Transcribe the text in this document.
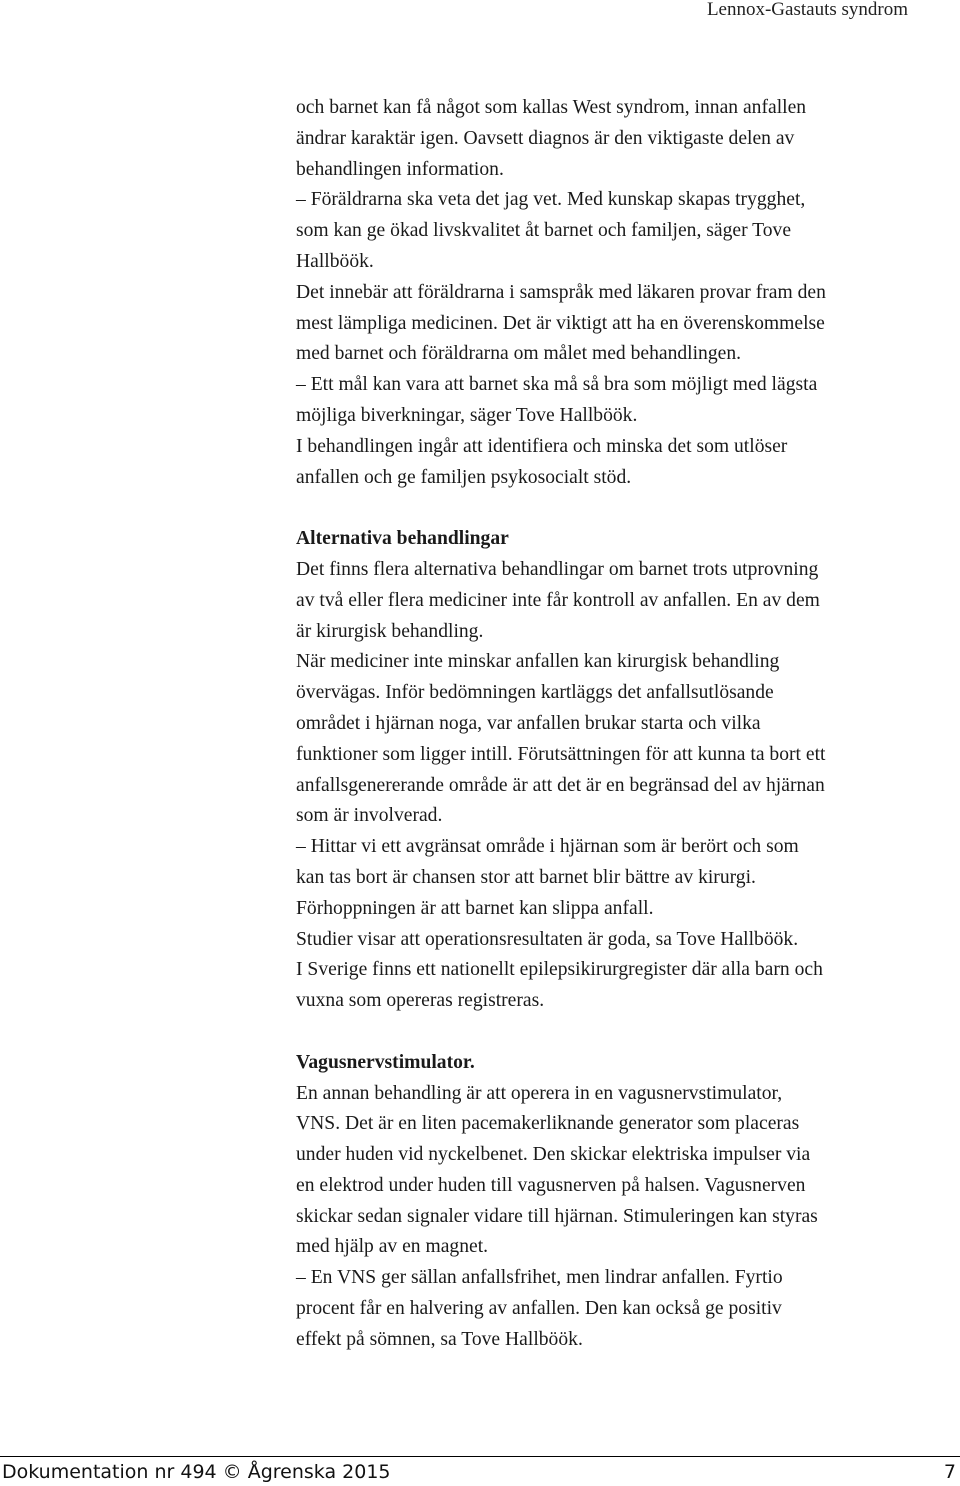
Lennox-Gastauts syndrom

och barnet kan få något som kallas West syndrom, innan anfallen

ändrar karaktär igen. Oavsett diagnos är den viktigaste delen av

behandlingen information.

– Föräldrarna ska veta det jag vet. Med kunskap skapas trygghet,

som kan ge ökad livskvalitet åt barnet och familjen, säger Tove

Hallböök.

Det innebär att föräldrarna i samspråk med läkaren provar fram den

mest lämpliga medicinen. Det är viktigt att ha en överenskommelse

med barnet och föräldrarna om målet med behandlingen.

– Ett mål kan vara att barnet ska må så bra som möjligt med lägsta

möjliga biverkningar, säger Tove Hallböök.

I behandlingen ingår att identifiera och minska det som utlöser

anfallen och ge familjen psykosocialt stöd.

Alternativa behandlingar

Det finns flera alternativa behandlingar om barnet trots utprovning

av två eller flera mediciner inte får kontroll av anfallen. En av dem

är kirurgisk behandling.

När mediciner inte minskar anfallen kan kirurgisk behandling

övervägas. Inför bedömningen kartläggs det anfallsutlösande

området i hjärnan noga, var anfallen brukar starta och vilka

funktioner som ligger intill. Förutsättningen för att kunna ta bort ett

anfallsgenererande område är att det är en begränsad del av hjärnan

som är involverad.

– Hittar vi ett avgränsat område i hjärnan som är berört och som

kan tas bort är chansen stor att barnet blir bättre av kirurgi.

Förhoppningen är att barnet kan slippa anfall.

Studier visar att operationsresultaten är goda, sa Tove Hallböök.

I Sverige finns ett nationellt epilepsikirurgregister där alla barn och

vuxna som opereras registreras.

Vagusnervstimulator.

En annan behandling är att operera in en vagusnervstimulator,

VNS. Det är en liten pacemakerliknande generator som placeras

under huden vid nyckelbenet. Den skickar elektriska impulser via

en elektrod under huden till vagusnerven på halsen. Vagusnerven

skickar sedan signaler vidare till hjärnan. Stimuleringen kan styras

med hjälp av en magnet.

– En VNS ger sällan anfallsfrihet, men lindrar anfallen. Fyrtio

procent får en halvering av anfallen. Den kan också ge positiv

effekt på sömnen, sa Tove Hallböök.

Dokumentation nr 494 © Ågrenska 2015	7
